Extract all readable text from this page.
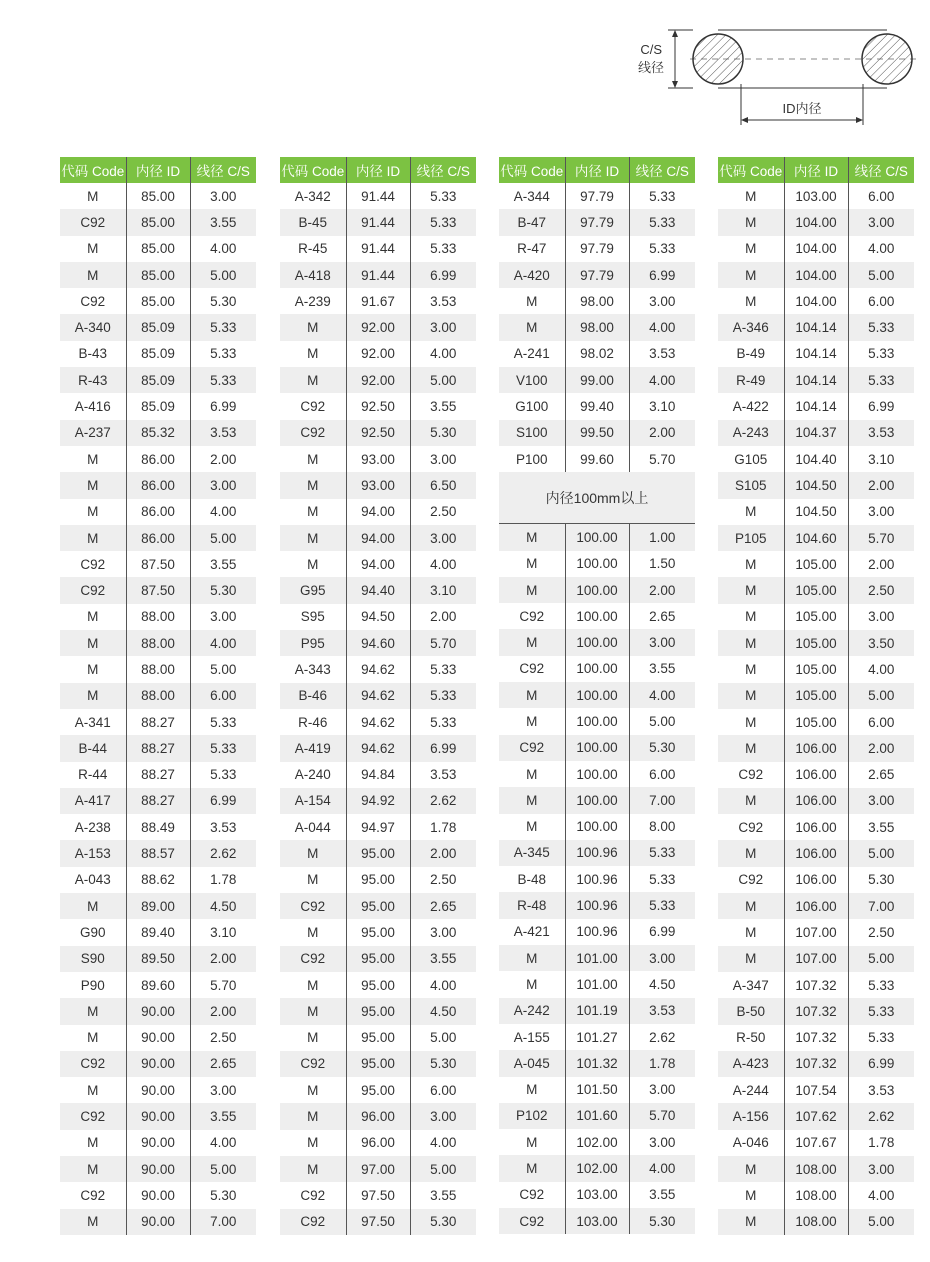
C/S
线径
ID内径
代码 Code	内径 ID	线径 C/S
M	85.00	3.00
C92	85.00	3.55
M	85.00	4.00
M	85.00	5.00
C92	85.00	5.30
A-340	85.09	5.33
B-43	85.09	5.33
R-43	85.09	5.33
A-416	85.09	6.99
A-237	85.32	3.53
M	86.00	2.00
M	86.00	3.00
M	86.00	4.00
M	86.00	5.00
C92	87.50	3.55
C92	87.50	5.30
M	88.00	3.00
M	88.00	4.00
M	88.00	5.00
M	88.00	6.00
A-341	88.27	5.33
B-44	88.27	5.33
R-44	88.27	5.33
A-417	88.27	6.99
A-238	88.49	3.53
A-153	88.57	2.62
A-043	88.62	1.78
M	89.00	4.50
G90	89.40	3.10
S90	89.50	2.00
P90	89.60	5.70
M	90.00	2.00
M	90.00	2.50
C92	90.00	2.65
M	90.00	3.00
C92	90.00	3.55
M	90.00	4.00
M	90.00	5.00
C92	90.00	5.30
M	90.00	7.00
代码 Code	内径 ID	线径 C/S
A-342	91.44	5.33
B-45	91.44	5.33
R-45	91.44	5.33
A-418	91.44	6.99
A-239	91.67	3.53
M	92.00	3.00
M	92.00	4.00
M	92.00	5.00
C92	92.50	3.55
C92	92.50	5.30
M	93.00	3.00
M	93.00	6.50
M	94.00	2.50
M	94.00	3.00
M	94.00	4.00
G95	94.40	3.10
S95	94.50	2.00
P95	94.60	5.70
A-343	94.62	5.33
B-46	94.62	5.33
R-46	94.62	5.33
A-419	94.62	6.99
A-240	94.84	3.53
A-154	94.92	2.62
A-044	94.97	1.78
M	95.00	2.00
M	95.00	2.50
C92	95.00	2.65
M	95.00	3.00
C92	95.00	3.55
M	95.00	4.00
M	95.00	4.50
M	95.00	5.00
C92	95.00	5.30
M	95.00	6.00
M	96.00	3.00
M	96.00	4.00
M	97.00	5.00
C92	97.50	3.55
C92	97.50	5.30
代码 Code	内径 ID	线径 C/S
A-344	97.79	5.33
B-47	97.79	5.33
R-47	97.79	5.33
A-420	97.79	6.99
M	98.00	3.00
M	98.00	4.00
A-241	98.02	3.53
V100	99.00	4.00
G100	99.40	3.10
S100	99.50	2.00
P100	99.60	5.70
内径100mm以上		
M	100.00	1.00
M	100.00	1.50
M	100.00	2.00
C92	100.00	2.65
M	100.00	3.00
C92	100.00	3.55
M	100.00	4.00
M	100.00	5.00
C92	100.00	5.30
M	100.00	6.00
M	100.00	7.00
M	100.00	8.00
A-345	100.96	5.33
B-48	100.96	5.33
R-48	100.96	5.33
A-421	100.96	6.99
M	101.00	3.00
M	101.00	4.50
A-242	101.19	3.53
A-155	101.27	2.62
A-045	101.32	1.78
M	101.50	3.00
P102	101.60	5.70
M	102.00	3.00
M	102.00	4.00
C92	103.00	3.55
C92	103.00	5.30
代码 Code	内径 ID	线径 C/S
M	103.00	6.00
M	104.00	3.00
M	104.00	4.00
M	104.00	5.00
M	104.00	6.00
A-346	104.14	5.33
B-49	104.14	5.33
R-49	104.14	5.33
A-422	104.14	6.99
A-243	104.37	3.53
G105	104.40	3.10
S105	104.50	2.00
M	104.50	3.00
P105	104.60	5.70
M	105.00	2.00
M	105.00	2.50
M	105.00	3.00
M	105.00	3.50
M	105.00	4.00
M	105.00	5.00
M	105.00	6.00
M	106.00	2.00
C92	106.00	2.65
M	106.00	3.00
C92	106.00	3.55
M	106.00	5.00
C92	106.00	5.30
M	106.00	7.00
M	107.00	2.50
M	107.00	5.00
A-347	107.32	5.33
B-50	107.32	5.33
R-50	107.32	5.33
A-423	107.32	6.99
A-244	107.54	3.53
A-156	107.62	2.62
A-046	107.67	1.78
M	108.00	3.00
M	108.00	4.00
M	108.00	5.00
